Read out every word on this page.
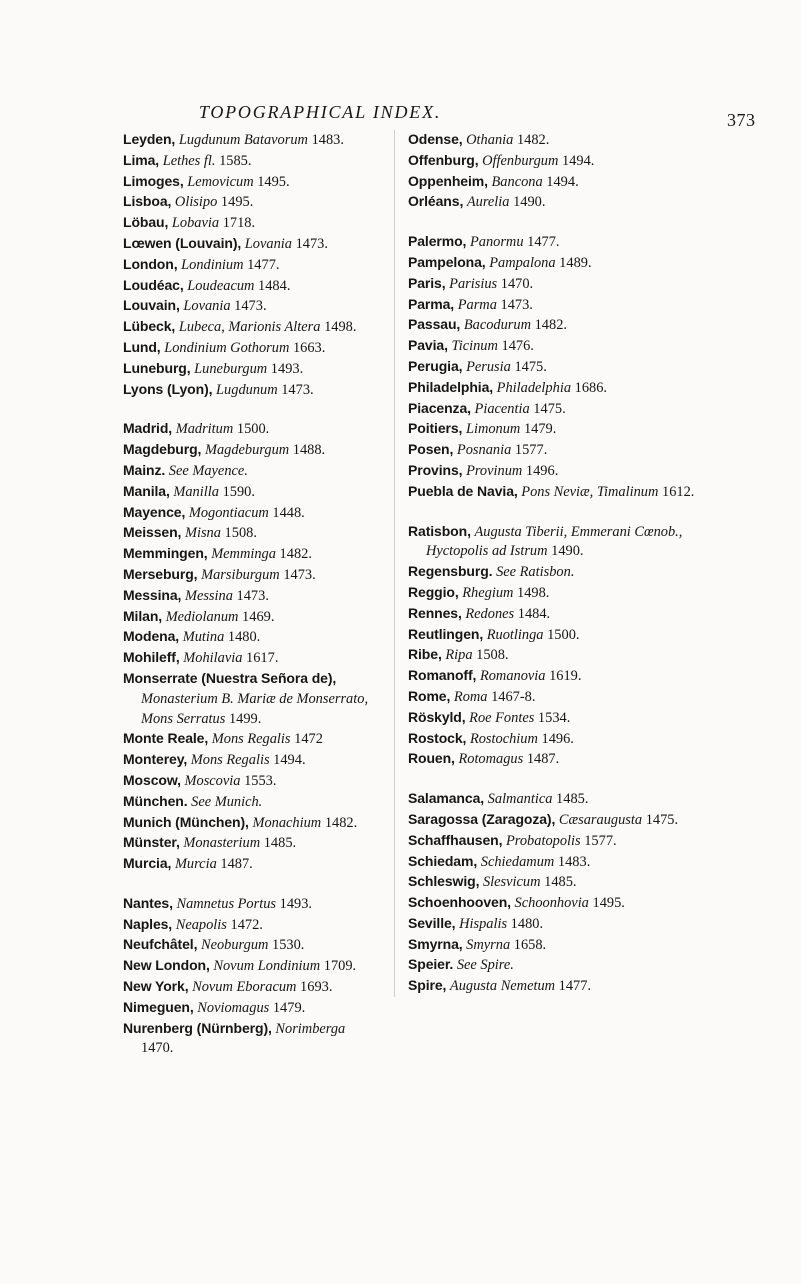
TOPOGRAPHICAL INDEX.	373
Leyden, Lugdunum Batavorum 1483.
Lima, Lethes fl. 1585.
Limoges, Lemovicum 1495.
Lisboa, Olisipo 1495.
Löbau, Lobavia 1718.
Lœwen (Louvain), Lovania 1473.
London, Londinium 1477.
Loudéac, Loudeacum 1484.
Louvain, Lovania 1473.
Lübeck, Lubeca, Marionis Altera 1498.
Lund, Londinium Gothorum 1663.
Luneburg, Luneburgum 1493.
Lyons (Lyon), Lugdunum 1473.
Madrid, Madritum 1500.
Magdeburg, Magdeburgum 1488.
Mainz. See Mayence.
Manila, Manilla 1590.
Mayence, Mogontiacum 1448.
Meissen, Misna 1508.
Memmingen, Memminga 1482.
Merseburg, Marsiburgum 1473.
Messina, Messina 1473.
Milan, Mediolanum 1469.
Modena, Mutina 1480.
Mohileff, Mohilavia 1617.
Monserrate (Nuestra Señora de), Monasterium B. Mariæ de Monserrato, Mons Serratus 1499.
Monte Reale, Mons Regalis 1472
Monterey, Mons Regalis 1494.
Moscow, Moscovia 1553.
München. See Munich.
Munich (München), Monachium 1482.
Münster, Monasterium 1485.
Murcia, Murcia 1487.
Nantes, Namnetus Portus 1493.
Naples, Neapolis 1472.
Neufchâtel, Neoburgum 1530.
New London, Novum Londinium 1709.
New York, Novum Eboracum 1693.
Nimeguen, Noviomagus 1479.
Nurenberg (Nürnberg), Norimberga 1470.
Odense, Othania 1482.
Offenburg, Offenburgum 1494.
Oppenheim, Bancona 1494.
Orléans, Aurelia 1490.
Palermo, Panormu 1477.
Pampelona, Pampalona 1489.
Paris, Parisius 1470.
Parma, Parma 1473.
Passau, Bacodurum 1482.
Pavia, Ticinum 1476.
Perugia, Perusia 1475.
Philadelphia, Philadelphia 1686.
Piacenza, Piacentia 1475.
Poitiers, Limonum 1479.
Posen, Posnania 1577.
Provins, Provinum 1496.
Puebla de Navia, Pons Neviæ, Timalinum 1612.
Ratisbon, Augusta Tiberii, Emmerani Cœnob., Hyctopolis ad Istrum 1490.
Regensburg. See Ratisbon.
Reggio, Rhegium 1498.
Rennes, Redones 1484.
Reutlingen, Ruotlinga 1500.
Ribe, Ripa 1508.
Romanoff, Romanovia 1619.
Rome, Roma 1467-8.
Röskyld, Roe Fontes 1534.
Rostock, Rostochium 1496.
Rouen, Rotomagus 1487.
Salamanca, Salmantica 1485.
Saragossa (Zaragoza), Cæsaraugusta 1475.
Schaffhausen, Probatopolis 1577.
Schiedam, Schiedamum 1483.
Schleswig, Slesvicum 1485.
Schoenhooven, Schoonhovia 1495.
Seville, Hispalis 1480.
Smyrna, Smyrna 1658.
Speier. See Spire.
Spire, Augusta Nemetum 1477.
